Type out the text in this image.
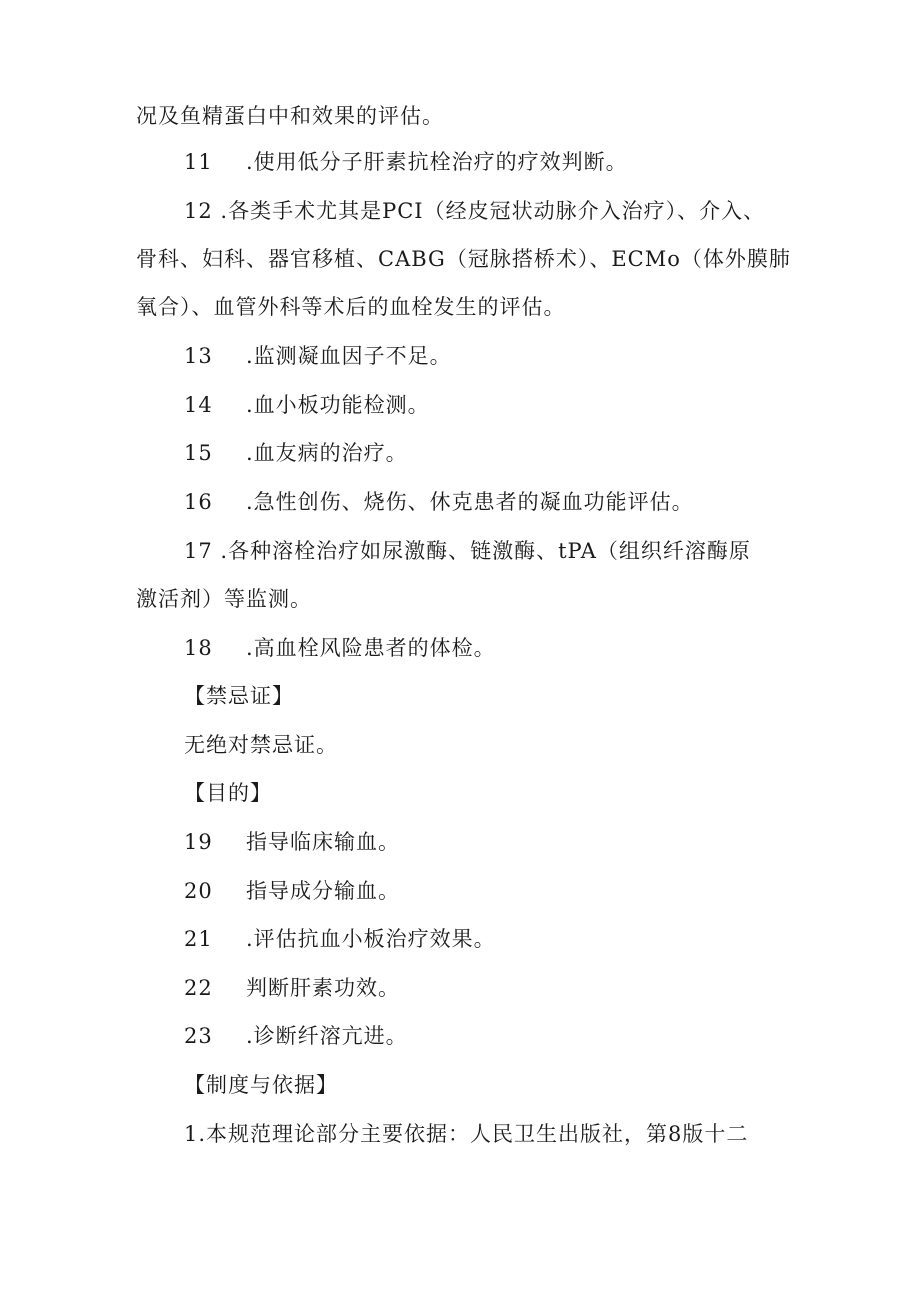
况及鱼精蛋白中和效果的评估。
11 .使用低分子肝素抗栓治疗的疗效判断。
12 .各类手术尤其是PCI（经皮冠状动脉介入治疗）、介入、
骨科、妇科、器官移植、CABG（冠脉搭桥术）、ECMo（体外膜肺
氧合）、血管外科等术后的血栓发生的评估。
13 .监测凝血因子不足。
14 .血小板功能检测。
15 .血友病的治疗。
16 .急性创伤、烧伤、休克患者的凝血功能评估。
17 .各种溶栓治疗如尿激酶、链激酶、tPA（组织纤溶酶原
激活剂）等监测。
18 .高血栓风险患者的体检。
【禁忌证】
无绝对禁忌证。
【目的】
19 指导临床输血。
20 指导成分输血。
21 .评估抗血小板治疗效果。
22 判断肝素功效。
23 .诊断纤溶亢进。
【制度与依据】
1.本规范理论部分主要依据：人民卫生出版社，第8版十二
